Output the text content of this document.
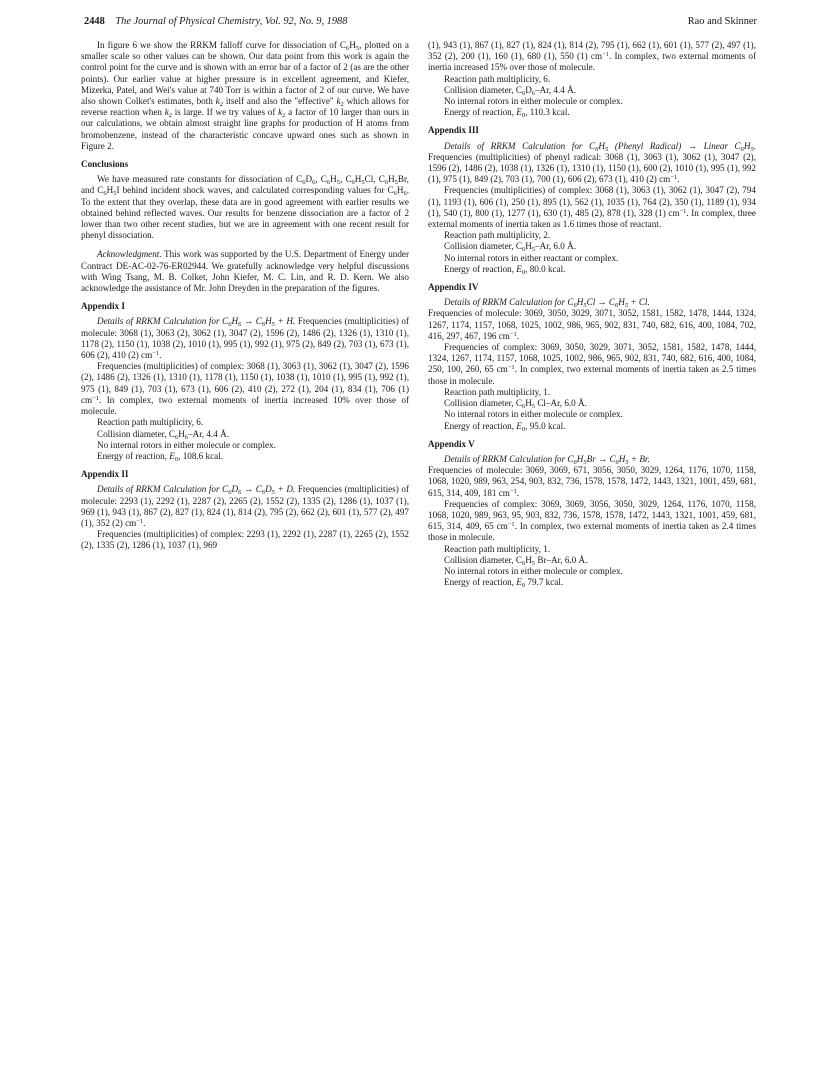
2448 The Journal of Physical Chemistry, Vol. 92, No. 9, 1988	Rao and Skinner

In figure 6 we show the RRKM falloff curve for dissociation of $C_6H_5$, plotted on a smaller scale so other values can be shown. Our data point from this work is again the control point for the curve and is shown with an error bar of a factor of 2 (as are the other points). Our earlier value at higher pressure is in excellent agreement, and Kiefer, Mizerka, Patel, and Wei's value at 740 Torr is within a factor of 2 of our curve. We have also shown Colket's estimates, both $k_2$ itself and also the "effective" $k_2$ which allows for reverse reaction when $k_2$ is large. If we try values of $k_2$ a factor of 10 larger than ours in our calculations, we obtain almost straight line graphs for production of H atoms from bromobenzene, instead of the characteristic concave upward ones such as shown in Figure 2.

Conclusions

We have measured rate constants for dissociation of $C_6D_6$, $C_6H_5$, $C_6H_5Cl$, $C_6H_5Br$, and $C_6H_5I$ behind incident shock waves, and calculated corresponding values for $C_6H_6$. To the extent that they overlap, these data are in good agreement with earlier results we obtained behind reflected waves. Our results for benzene dissociation are a factor of 2 lower than two other recent studies, but we are in agreement with one recent result for phenyl dissociation.

Acknowledgment. This work was supported by the U.S. Department of Energy under Contract DE-AC-02-76-ER02944. We gratefully acknowledge very helpful discussions with Wing Tsang, M. B. Colket, John Kiefer, M. C. Lin, and R. D. Kern. We also acknowledge the assistance of Mr. John Dreyden in the preparation of the figures.

Appendix I

Details of RRKM Calculation for $C_6H_6 \to C_6H_5 + H$. Frequencies (multiplicities) of molecule: 3068 (1), 3063 (2), 3062 (1), 3047 (2), 1596 (2), 1486 (2), 1326 (1), 1310 (1), 1178 (2), 1150 (1), 1038 (2), 1010 (1), 995 (1), 992 (1), 975 (2), 849 (2), 703 (1), 673 (1), 606 (2), 410 (2) $cm^{-1}$.

Frequencies (multiplicities) of complex: 3068 (1), 3063 (1), 3062 (1), 3047 (2), 1596 (2), 1486 (2), 1326 (1), 1310 (1), 1178 (1), 1150 (1), 1038 (1), 1010 (1), 995 (1), 992 (1), 975 (1), 849 (1), 703 (1), 673 (1), 606 (2), 410 (2), 272 (1), 204 (1), 834 (1), 706 (1) $cm^{-1}$. In complex, two external moments of inertia increased 10% over those of molecule.

Reaction path multiplicity, 6.

Collision diameter, $C_6H_6-Ar$, 4.4 Å.

No internal rotors in either molecule or complex.

Energy of reaction, $E_0$, 108.6 kcal.

Appendix II

Details of RRKM Calculation for $C_6D_6 \to C_6D_5 + D$. Frequencies (multiplicities) of molecule: 2293 (1), 2292 (1), 2287 (2), 2265 (2), 1552 (2), 1335 (2), 1286 (1), 1037 (1), 969 (1), 943 (1), 867 (2), 827 (1), 824 (1), 814 (2), 795 (2), 662 (2), 601 (1), 577 (2), 497 (1), 352 (2) $cm^{-1}$.

Frequencies (multiplicities) of complex: 2293 (1), 2292 (1), 2287 (1), 2265 (2), 1552 (2), 1335 (2), 1286 (1), 1037 (1), 969

(1), 943 (1), 867 (1), 827 (1), 824 (1), 814 (2), 795 (1), 662 (1), 601 (1), 577 (2), 497 (1), 352 (2), 200 (1), 160 (1), 680 (1), 550 (1) $cm^{-1}$. In complex, two external moments of inertia increased 15% over those of molecule.

Reaction path multiplicity, 6.

Collision diameter, $C_6D_6-Ar$, 4.4 Å.

No internal rotors in either molecule or complex.

Energy of reaction, $E_0$, 110.3 kcal.

Appendix III

Details of RRKM Calculation for $C_6H_5$ (Phenyl Radical) → Linear $C_6H_5$. Frequencies (multiplicities) of phenyl radical: 3068 (1), 3063 (1), 3062 (1), 3047 (2), 1596 (2), 1486 (2), 1038 (1), 1326 (1), 1310 (1), 1150 (1), 600 (2), 1010 (1), 995 (1), 992 (1), 975 (1), 849 (2), 703 (1), 700 (1), 606 (2), 673 (1), 410 (2) $cm^{-1}$.

Frequencies (multiplicities) of complex: 3068 (1), 3063 (1), 3062 (1), 3047 (2), 794 (1), 1193 (1), 606 (1), 250 (1), 895 (1), 562 (1), 1035 (1), 764 (2), 350 (1), 1189 (1), 934 (1), 540 (1), 800 (1), 1277 (1), 630 (1), 485 (2), 878 (1), 328 (1) $cm^{-1}$. In complex, three external moments of inertia taken as 1.6 times those of reactant.

Reaction path multiplicity, 2.

Collision diameter, $C_6H_5-Ar$, 6.0 Å.

No internal rotors in either reactant or complex.

Energy of reaction, $E_0$, 80.0 kcal.

Appendix IV

Details of RRKM Calculation for $C_6H_5Cl \to C_6H_5 + Cl$.

Frequencies of molecule: 3069, 3050, 3029, 3071, 3052, 1581, 1582, 1478, 1444, 1324, 1267, 1174, 1157, 1068, 1025, 1002, 986, 965, 902, 831, 740, 682, 616, 400, 1084, 702, 416, 297, 467, 196 $cm^{-1}$.

Frequencies of complex: 3069, 3050, 3029, 3071, 3052, 1581, 1582, 1478, 1444, 1324, 1267, 1174, 1157, 1068, 1025, 1002, 986, 965, 902, 831, 740, 682, 616, 400, 1084, 250, 100, 260, 65 $cm^{-1}$. In complex, two external moments of inertia taken as 2.5 times those in molecule.

Reaction path multiplicity, 1.

Collision diameter, $C_6H_5$ Cl–Ar, 6.0 Å.

No internal rotors in either molecule or complex.

Energy of reaction, $E_0$, 95.0 kcal.

Appendix V

Details of RRKM Calculation for $C_6H_5Br \to C_6H_5 + Br$.

Frequencies of molecule: 3069, 3069, 671, 3056, 3050, 3029, 1264, 1176, 1070, 1158, 1068, 1020, 989, 963, 254, 903, 832, 736, 1578, 1578, 1472, 1443, 1321, 1001, 459, 681, 615, 314, 409, 181 $cm^{-1}$.

Frequencies of complex: 3069, 3069, 3056, 3050, 3029, 1264, 1176, 1070, 1158, 1068, 1020, 989, 963, 95, 903, 832, 736, 1578, 1578, 1472, 1443, 1321, 1001, 459, 681, 615, 314, 409, 65 $cm^{-1}$. In complex, two external moments of inertia taken as 2.4 times those in molecule.

Reaction path multiplicity, 1.

Collision diameter, $C_6H_5$ Br–Ar, 6.0 Å.

No internal rotors in either molecule or complex.

Energy of reaction, $E_0$ 79.7 kcal.
